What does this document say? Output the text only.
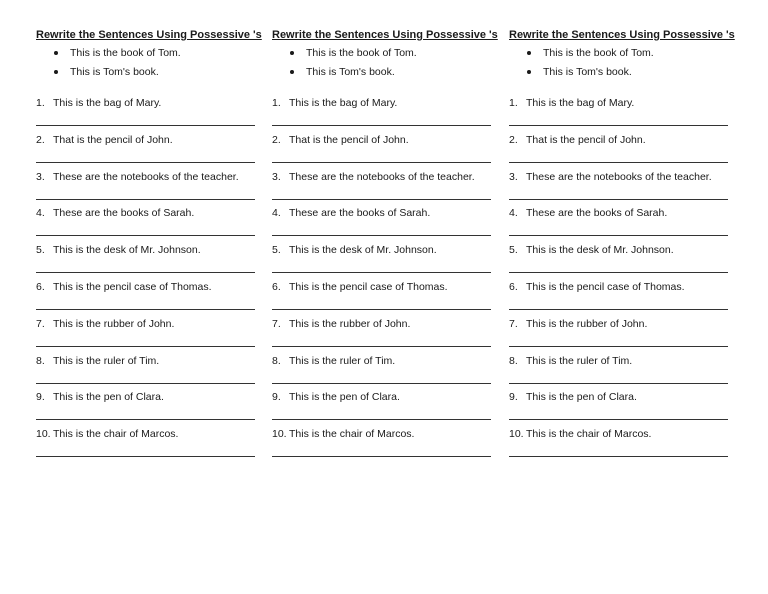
Rewrite the Sentences Using Possessive 's
This is the book of Tom.
This is Tom's book.
1. This is the bag of Mary.
2. That is the pencil of John.
3. These are the notebooks of the teacher.
4. These are the books of Sarah.
5. This is the desk of Mr. Johnson.
6. This is the pencil case of Thomas.
7. This is the rubber of John.
8. This is the ruler of Tim.
9. This is the pen of Clara.
10. This is the chair of Marcos.
Rewrite the Sentences Using Possessive 's
This is the book of Tom.
This is Tom's book.
1. This is the bag of Mary.
2. That is the pencil of John.
3. These are the notebooks of the teacher.
4. These are the books of Sarah.
5. This is the desk of Mr. Johnson.
6. This is the pencil case of Thomas.
7. This is the rubber of John.
8. This is the ruler of Tim.
9. This is the pen of Clara.
10. This is the chair of Marcos.
Rewrite the Sentences Using Possessive 's
This is the book of Tom.
This is Tom's book.
1. This is the bag of Mary.
2. That is the pencil of John.
3. These are the notebooks of the teacher.
4. These are the books of Sarah.
5. This is the desk of Mr. Johnson.
6. This is the pencil case of Thomas.
7. This is the rubber of John.
8. This is the ruler of Tim.
9. This is the pen of Clara.
10. This is the chair of Marcos.
